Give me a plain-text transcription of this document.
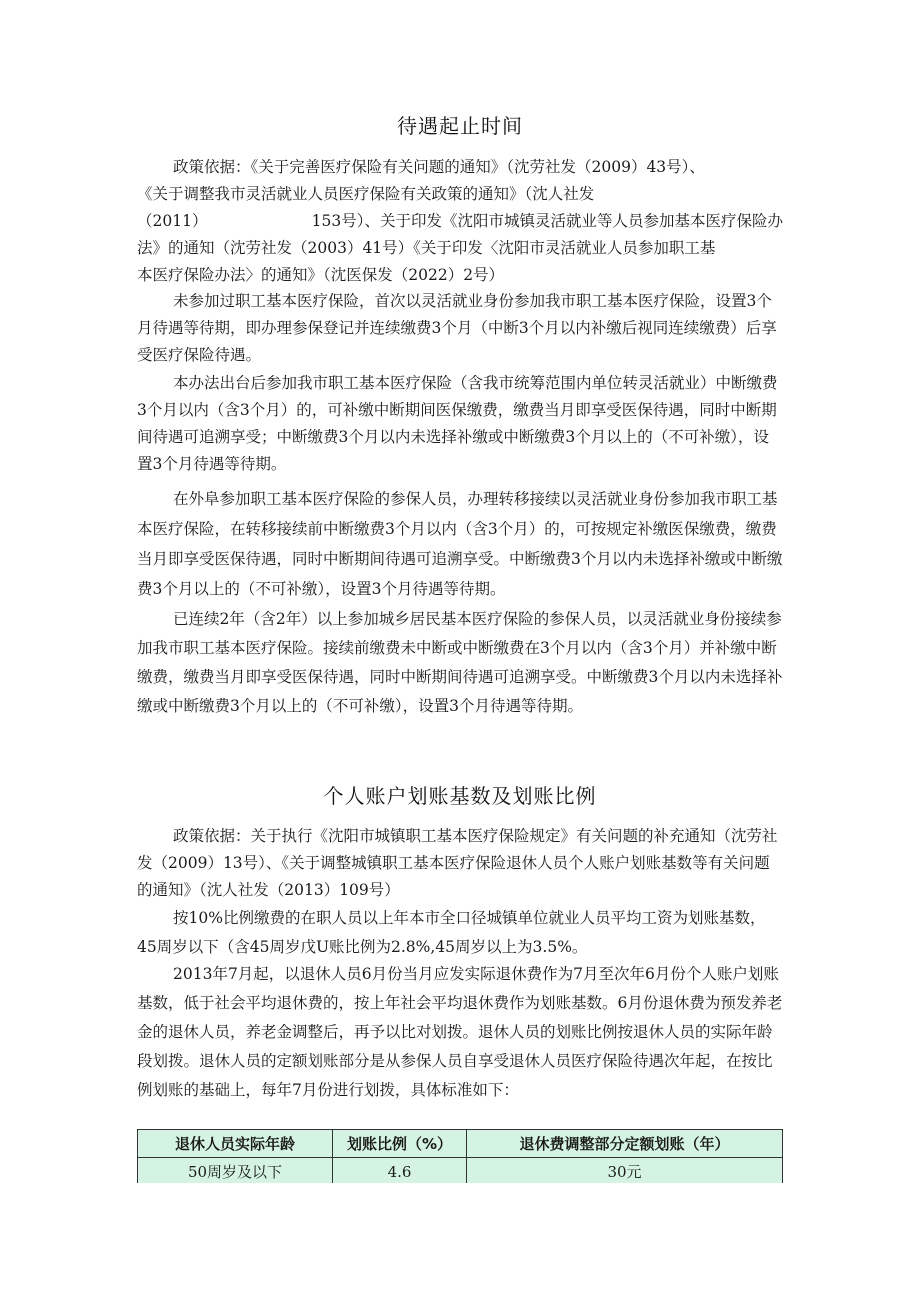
待遇起止时间

政策依据：《关于完善医疗保险有关问题的通知》（沈劳社发（2009）43号）、

《关于调整我市灵活就业人员医疗保险有关政策的通知》（沈人社发

（2011）	153号）、关于印发《沈阳市城镇灵活就业等人员参加基本医疗保险办

法》的通知（沈劳社发（2003）41号）《关于印发〈沈阳市灵活就业人员参加职工基

本医疗保险办法〉的通知》（沈医保发（2022）2号）

未参加过职工基本医疗保险，首次以灵活就业身份参加我市职工基本医疗保险，设置3个月待遇等待期，即办理参保登记并连续缴费3个月（中断3个月以内补缴后视同连续缴费）后享受医疗保险待遇。

本办法出台后参加我市职工基本医疗保险（含我市统筹范围内单位转灵活就业）中断缴费3个月以内（含3个月）的，可补缴中断期间医保缴费，缴费当月即享受医保待遇，同时中断期间待遇可追溯享受；中断缴费3个月以内未选择补缴或中断缴费3个月以上的（不可补缴），设置3个月待遇等待期。

在外阜参加职工基本医疗保险的参保人员，办理转移接续以灵活就业身份参加我市职工基本医疗保险，在转移接续前中断缴费3个月以内（含3个月）的，可按规定补缴医保缴费，缴费当月即享受医保待遇，同时中断期间待遇可追溯享受。中断缴费3个月以内未选择补缴或中断缴费3个月以上的（不可补缴），设置3个月待遇等待期。

已连续2年（含2年）以上参加城乡居民基本医疗保险的参保人员，以灵活就业身份接续参加我市职工基本医疗保险。接续前缴费未中断或中断缴费在3个月以内（含3个月）并补缴中断缴费，缴费当月即享受医保待遇，同时中断期间待遇可追溯享受。中断缴费3个月以内未选择补缴或中断缴费3个月以上的（不可补缴），设置3个月待遇等待期。

个人账户划账基数及划账比例

政策依据：关于执行《沈阳市城镇职工基本医疗保险规定》有关问题的补充通知（沈劳社发（2009）13号）、《关于调整城镇职工基本医疗保险退休人员个人账户划账基数等有关问题的通知》（沈人社发（2013）109号）

按10%比例缴费的在职人员以上年本市全口径城镇单位就业人员平均工资为划账基数，45周岁以下（含45周岁戊U账比例为2.8%,45周岁以上为3.5%。

2013年7月起，以退休人员6月份当月应发实际退休费作为7月至次年6月份个人账户划账基数，低于社会平均退休费的，按上年社会平均退休费作为划账基数。6月份退休费为预发养老金的退休人员，养老金调整后，再予以比对划拨。退休人员的划账比例按退休人员的实际年龄段划拨。退休人员的定额划账部分是从参保人员自享受退休人员医疗保险待遇次年起，在按比例划账的基础上，每年7月份进行划拨，具体标准如下：

退休人员实际年龄	划账比例（%）	退休费调整部分定额划账（年）
50周岁及以下	4.6	30元
